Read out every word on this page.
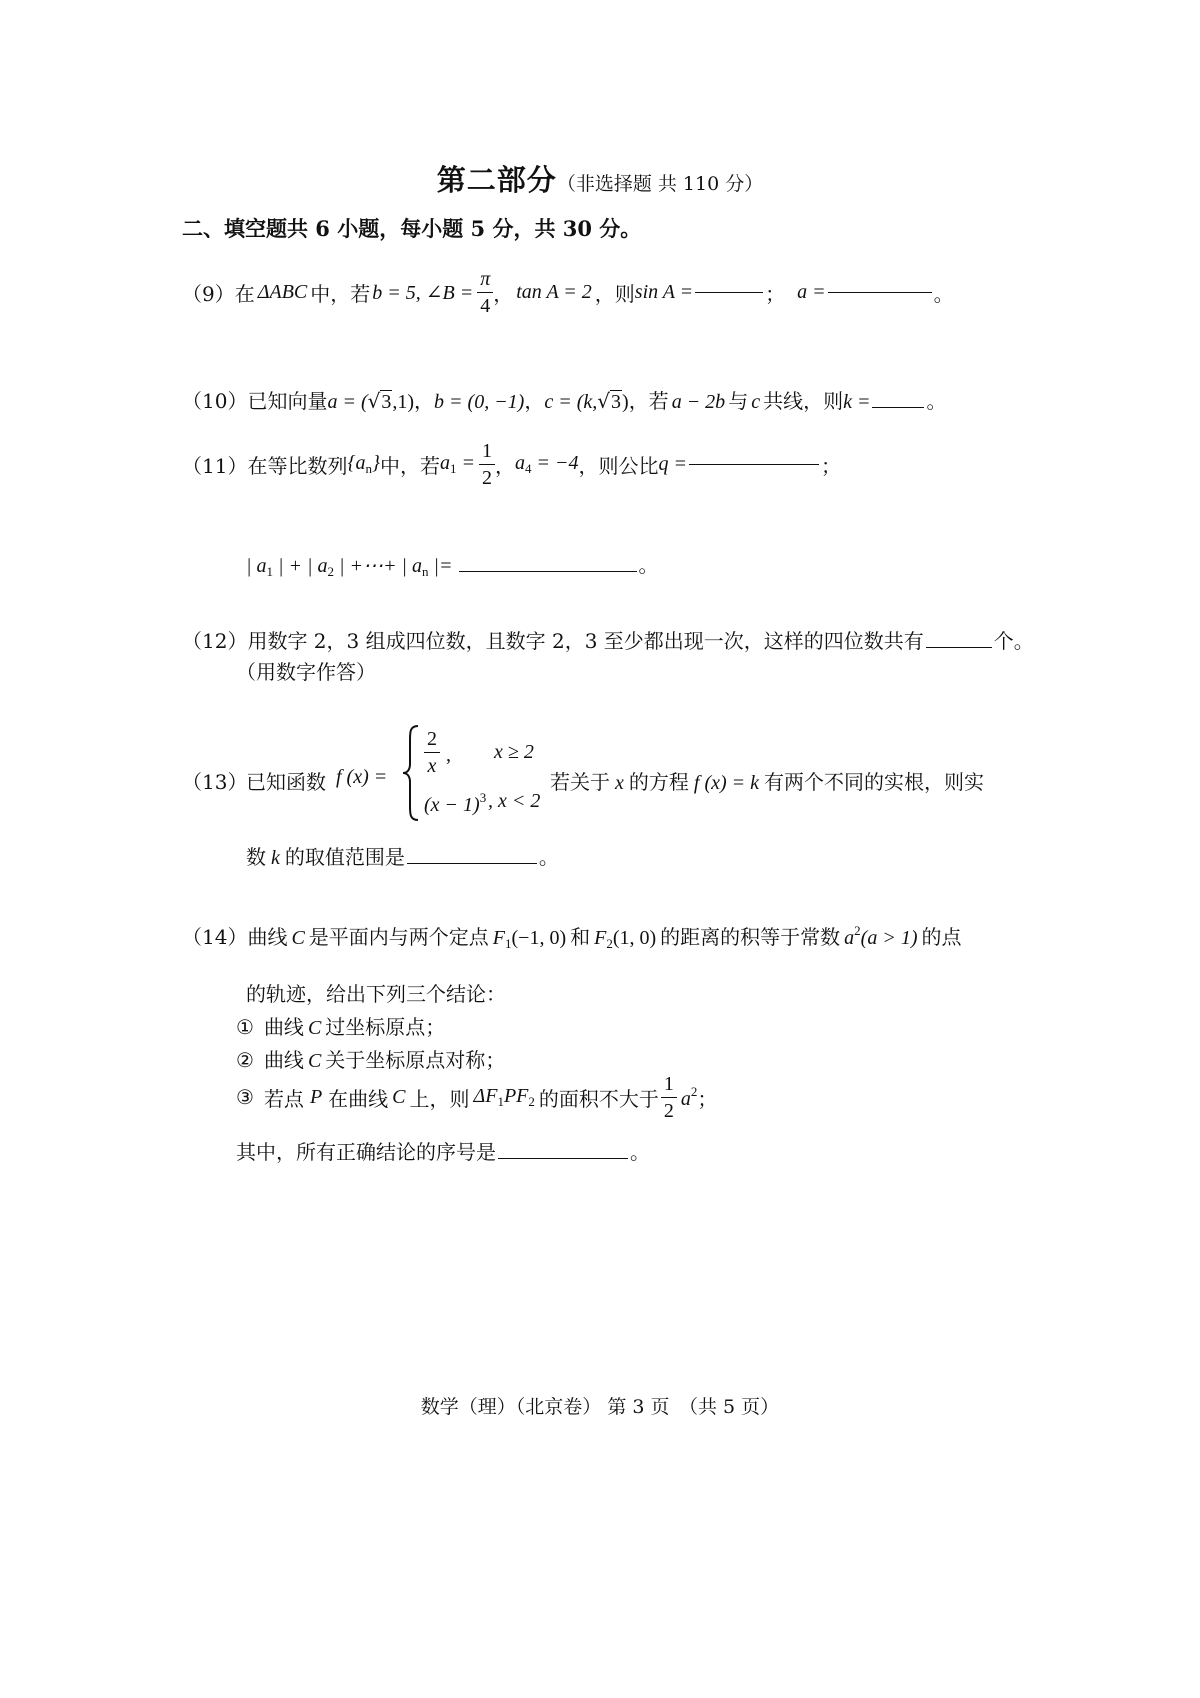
第二部分（非选择题 共 110 分）
二、填空题共 6 小题，每小题 5 分，共 30 分。
（9） 在 ΔABC 中，若 b = 5, ∠B = $\frac{\pi}{4}$ ， tan A = 2 ，则 sin A =	； a =	。
（10） 已知向量 a = ( √ 3 ,1) ， b = (0, −1) ， c = (k, √ 3 ) ，若 a − 2b 与 c 共线，则 k =	。
（11） 在等比数列 $\{a_n\}$ 中，若 $a_1 = \frac{1}{2}$ ， $a_4 = -4$ ，则公比 q =	；
| $a_1$ | + | $a_2$ | +⋯+ | $a_n$ |=	。
（12） 用数字 2，3 组成四位数，且数字 2，3 至少都出现一次，这样的四位数共有	个。
（用数字作答）
（13）
已知函数 f $(x) = \frac{2}{x}$ , x ≥ 2
$(x - 1)^3$ , x < 2
若关于 x 的方程 f (x) = k 有两个不同的实根，则实
数 k 的取值范围是	。
（14） 曲线 C 是平面内与两个定点 $F_1$ (−1, 0) 和 $F_2$ (1, 0) 的距离的积等于常数 $a^2$ (a > 1) 的点
的轨迹，给出下列三个结论：
① 曲线 C 过坐标原点；
② 曲线 C 关于坐标原点对称；
③ 若点 P 在曲线 C 上，则 $\Delta F_1PF_2$ 的面积不大于 $\frac{1}{2} a^2$ ；
其中，所有正确结论的序号是	。
数学（理）（北京卷） 第 3 页　（共 5 页）
